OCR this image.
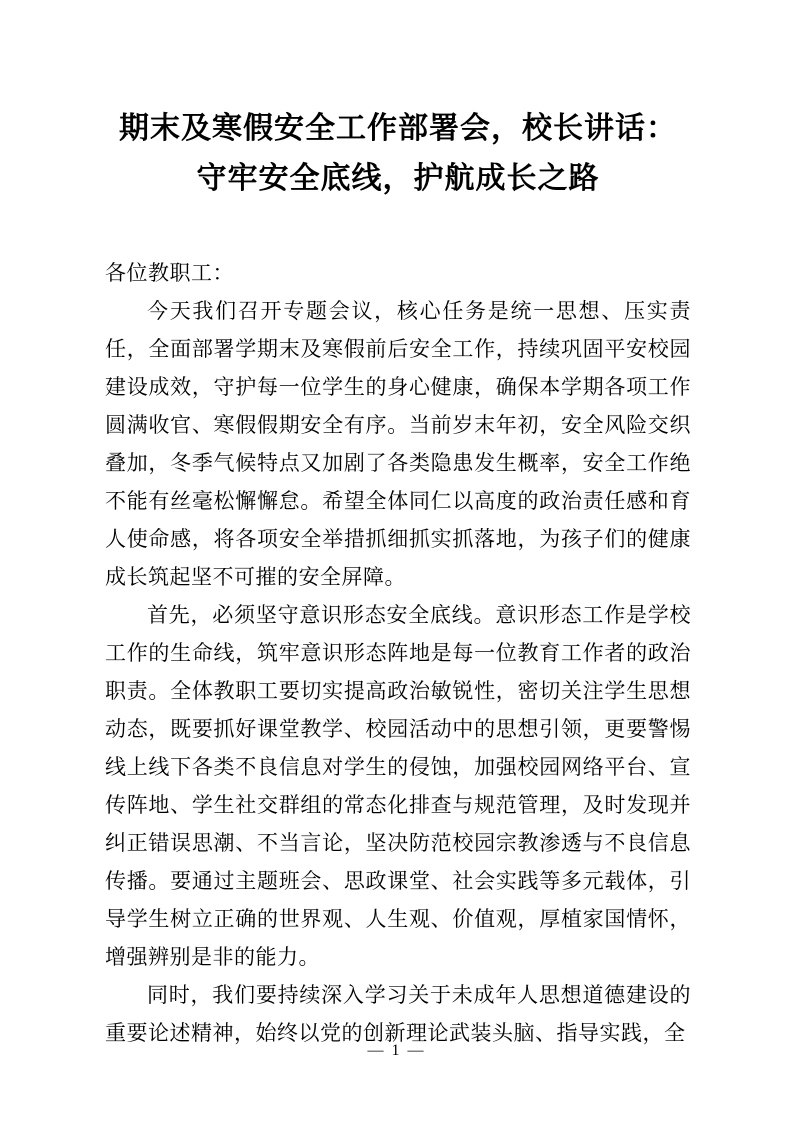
期末及寒假安全工作部署会，校长讲话：
守牢安全底线，护航成长之路

各位教职工：

今天我们召开专题会议，核心任务是统一思想、压实责任，全面部署学期末及寒假前后安全工作，持续巩固平安校园建设成效，守护每一位学生的身心健康，确保本学期各项工作圆满收官、寒假假期安全有序。当前岁末年初，安全风险交织叠加，冬季气候特点又加剧了各类隐患发生概率，安全工作绝不能有丝毫松懈懈怠。希望全体同仁以高度的政治责任感和育人使命感，将各项安全举措抓细抓实抓落地，为孩子们的健康成长筑起坚不可摧的安全屏障。

首先，必须坚守意识形态安全底线。意识形态工作是学校工作的生命线，筑牢意识形态阵地是每一位教育工作者的政治职责。全体教职工要切实提高政治敏锐性，密切关注学生思想动态，既要抓好课堂教学、校园活动中的思想引领，更要警惕线上线下各类不良信息对学生的侵蚀，加强校园网络平台、宣传阵地、学生社交群组的常态化排查与规范管理，及时发现并纠正错误思潮、不当言论，坚决防范校园宗教渗透与不良信息传播。要通过主题班会、思政课堂、社会实践等多元载体，引导学生树立正确的世界观、人生观、价值观，厚植家国情怀，增强辨别是非的能力。

同时，我们要持续深入学习关于未成年人思想道德建设的重要论述精神，始终以党的创新理论武装头脑、指导实践，全

— 1 —
